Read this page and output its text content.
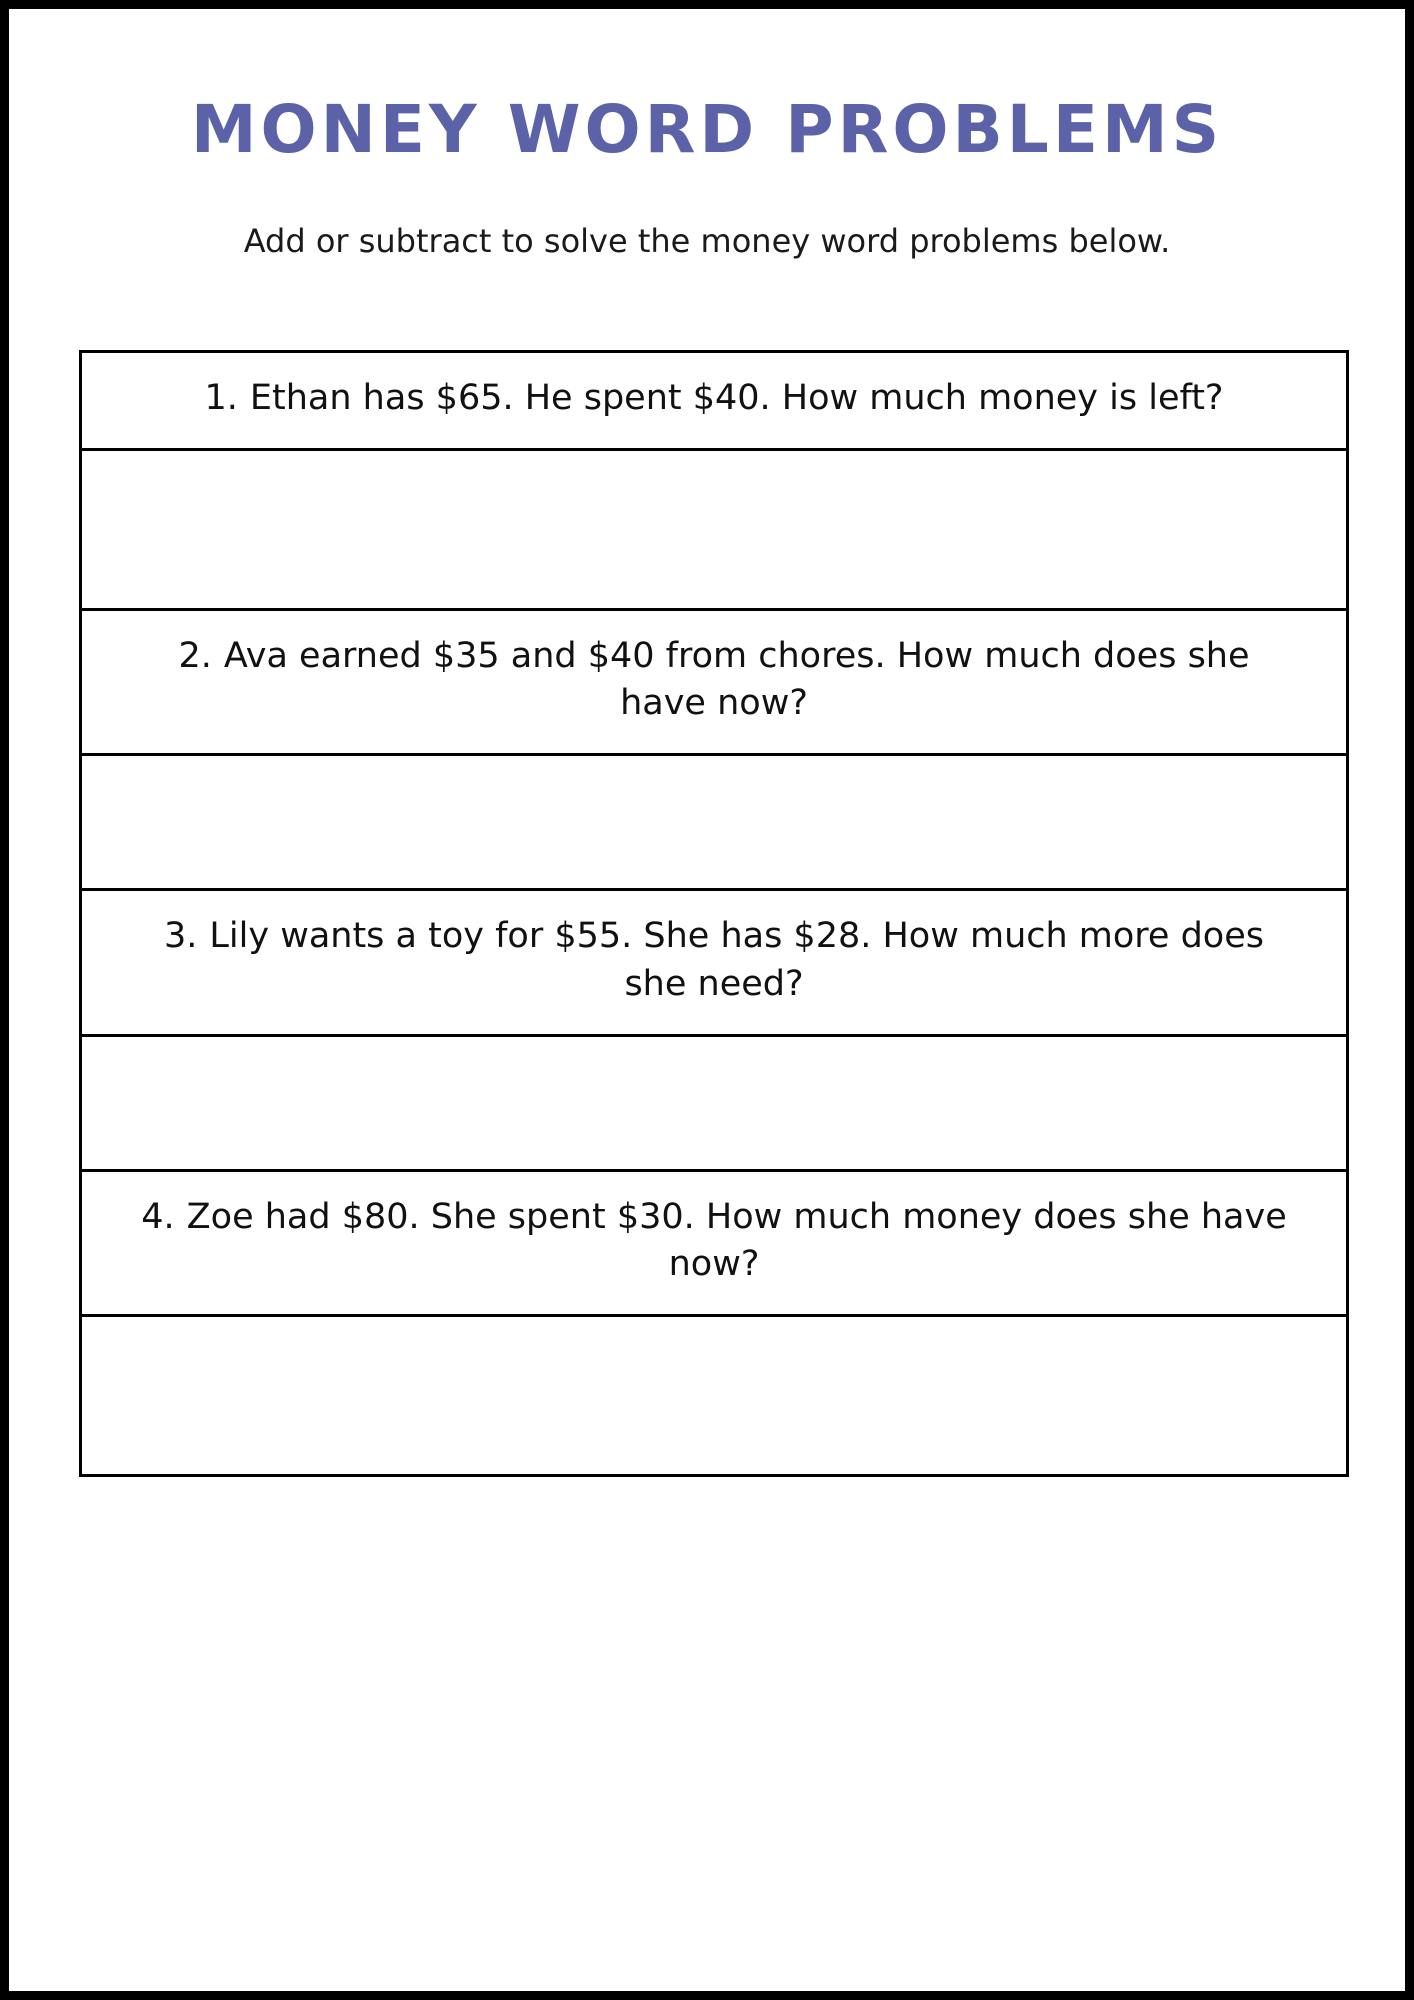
MONEY WORD PROBLEMS
Add or subtract to solve the money word problems below.
1. Ethan has $65. He spent $40. How much money is left?
2. Ava earned $35 and $40 from chores. How much does she have now?
3. Lily wants a toy for $55. She has $28. How much more does she need?
4. Zoe had $80. She spent $30. How much money does she have now?
